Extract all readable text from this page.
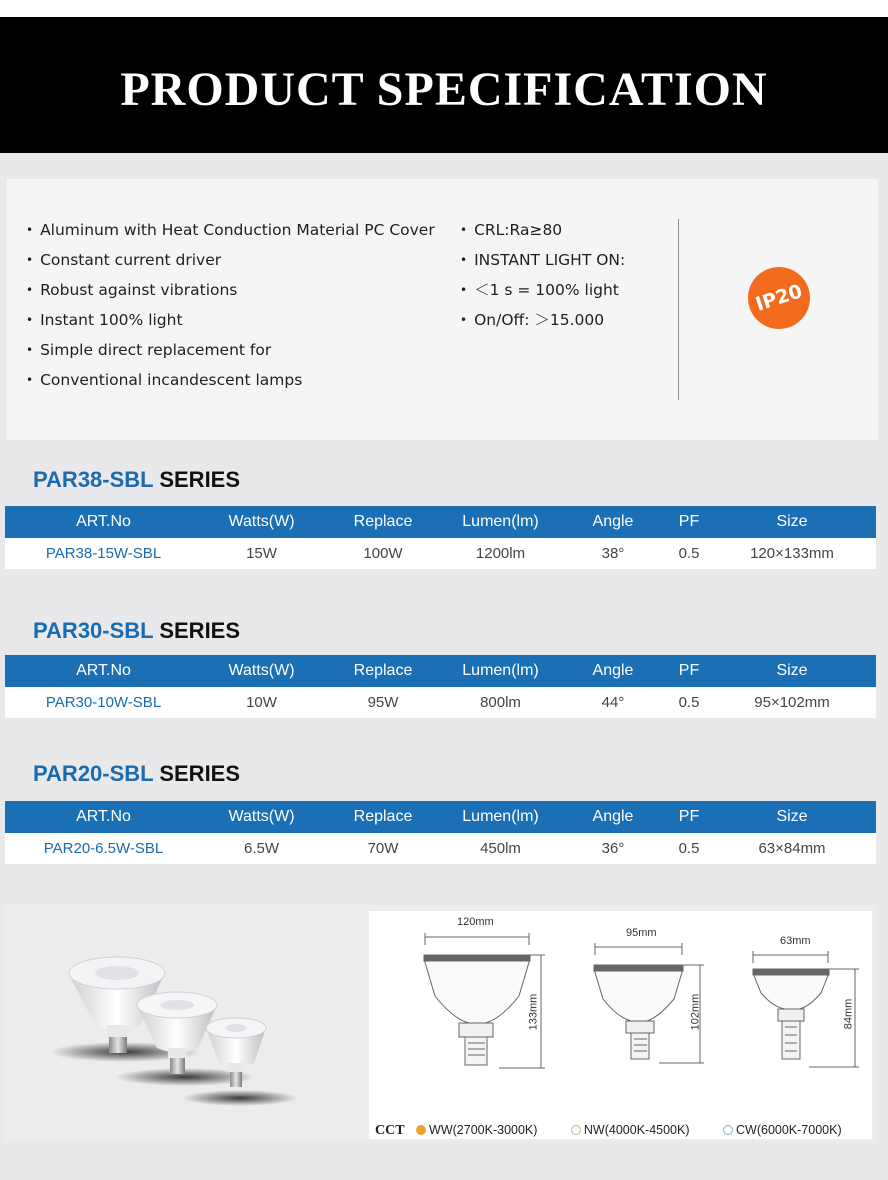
PRODUCT SPECIFICATION
• Aluminum with Heat Conduction Material PC Cover
• Constant current driver
• Robust against vibrations
• Instant 100% light
• Simple direct replacement for
• Conventional incandescent lamps
• CRL:Ra≥80
• INSTANT LIGHT ON:
• ＜1 s = 100% light
• On/Off: ＞15.000
IP20
PAR38-SBL SERIES
ART.No	Watts(W)	Replace	Lumen(lm)	Angle	PF	Size
PAR38-15W-SBL	15W	100W	1200lm	38°	0.5	120×133mm
PAR30-SBL SERIES
ART.No	Watts(W)	Replace	Lumen(lm)	Angle	PF	Size
PAR30-10W-SBL	10W	95W	800lm	44°	0.5	95×102mm
PAR20-SBL SERIES
ART.No	Watts(W)	Replace	Lumen(lm)	Angle	PF	Size
PAR20-6.5W-SBL	6.5W	70W	450lm	36°	0.5	63×84mm
120mm
133mm
95mm
102mm
63mm
84mm
CCT WW(2700K-3000K)	NW(4000K-4500K)	CW(6000K-7000K)
